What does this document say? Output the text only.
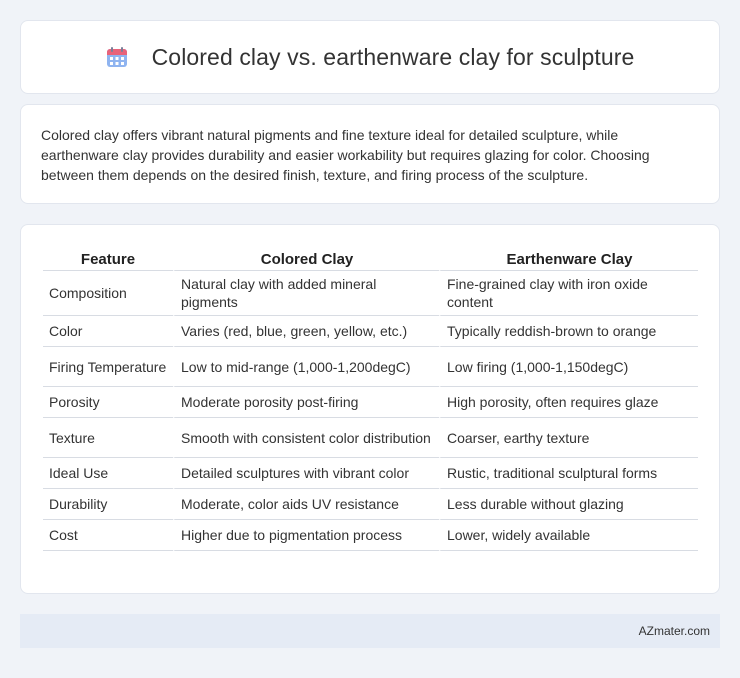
Colored clay vs. earthenware clay for sculpture

Colored clay offers vibrant natural pigments and fine texture ideal for detailed sculpture, while earthenware clay provides durability and easier workability but requires glazing for color. Choosing between them depends on the desired finish, texture, and firing process of the sculpture.

Feature	Colored Clay	Earthenware Clay
Composition	Natural clay with added mineral pigments	Fine-grained clay with iron oxide content
Color	Varies (red, blue, green, yellow, etc.)	Typically reddish-brown to orange
Firing Temperature	Low to mid-range (1,000-1,200degC)	Low firing (1,000-1,150degC)
Porosity	Moderate porosity post-firing	High porosity, often requires glaze
Texture	Smooth with consistent color distribution	Coarser, earthy texture
Ideal Use	Detailed sculptures with vibrant color	Rustic, traditional sculptural forms
Durability	Moderate, color aids UV resistance	Less durable without glazing
Cost	Higher due to pigmentation process	Lower, widely available
AZmater.com
